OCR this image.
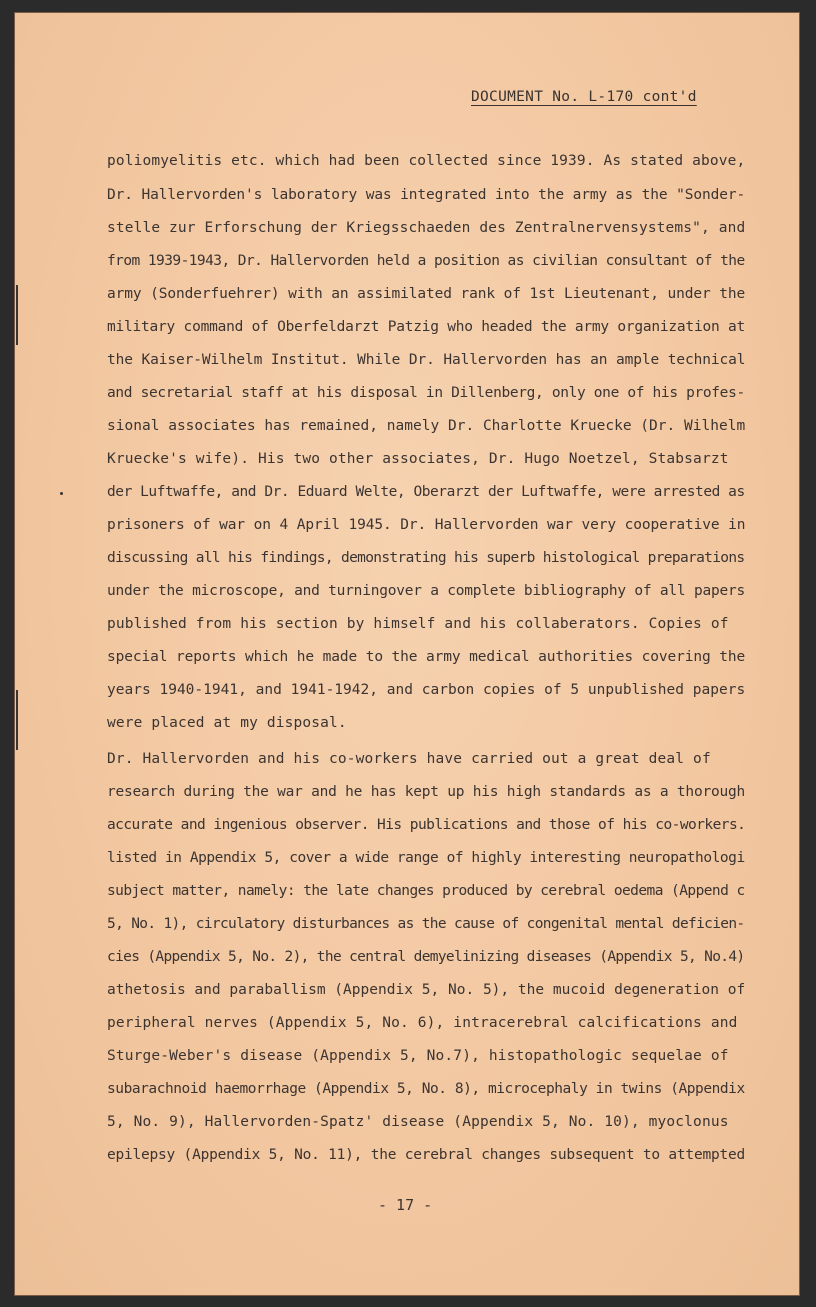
DOCUMENT No. L-170 cont'd
poliomyelitis etc. which had been collected since 1939. As stated above,
Dr. Hallervorden's laboratory was integrated into the army as the "Sonder-
stelle zur Erforschung der Kriegsschaeden des Zentralnervensystems", and
from 1939-1943, Dr. Hallervorden held a position as civilian consultant of the
army (Sonderfuehrer) with an assimilated rank of 1st Lieutenant, under the
military command of Oberfeldarzt Patzig who headed the army organization at
the Kaiser-Wilhelm Institut. While Dr. Hallervorden has an ample technical
and secretarial staff at his disposal in Dillenberg, only one of his profes-
sional associates has remained, namely Dr. Charlotte Kruecke (Dr. Wilhelm
Kruecke's wife). His two other associates, Dr. Hugo Noetzel, Stabsarzt
der Luftwaffe, and Dr. Eduard Welte, Oberarzt der Luftwaffe, were arrested as
prisoners of war on 4 April 1945. Dr. Hallervorden war very cooperative in
discussing all his findings, demonstrating his superb histological preparations
under the microscope, and turningover a complete bibliography of all papers
published from his section by himself and his collaberators. Copies of
special reports which he made to the army medical authorities covering the
years 1940-1941, and 1941-1942, and carbon copies of 5 unpublished papers
were placed at my disposal.
Dr. Hallervorden and his co-workers have carried out a great deal of
research during the war and he has kept up his high standards as a thorough
accurate and ingenious observer. His publications and those of his co-workers.
listed in Appendix 5, cover a wide range of highly interesting neuropathologi
subject matter, namely: the late changes produced by cerebral oedema (Append c
5, No. 1), circulatory disturbances as the cause of congenital mental deficien-
cies (Appendix 5, No. 2), the central demyelinizing diseases (Appendix 5, No.4)
athetosis and paraballism (Appendix 5, No. 5), the mucoid degeneration of
peripheral nerves (Appendix 5, No. 6), intracerebral calcifications and
Sturge-Weber's disease (Appendix 5, No.7), histopathologic sequelae of
subarachnoid haemorrhage (Appendix 5, No. 8), microcephaly in twins (Appendix
5, No. 9), Hallervorden-Spatz' disease (Appendix 5, No. 10), myoclonus
epilepsy (Appendix 5, No. 11), the cerebral changes subsequent to attempted
- 17 -
